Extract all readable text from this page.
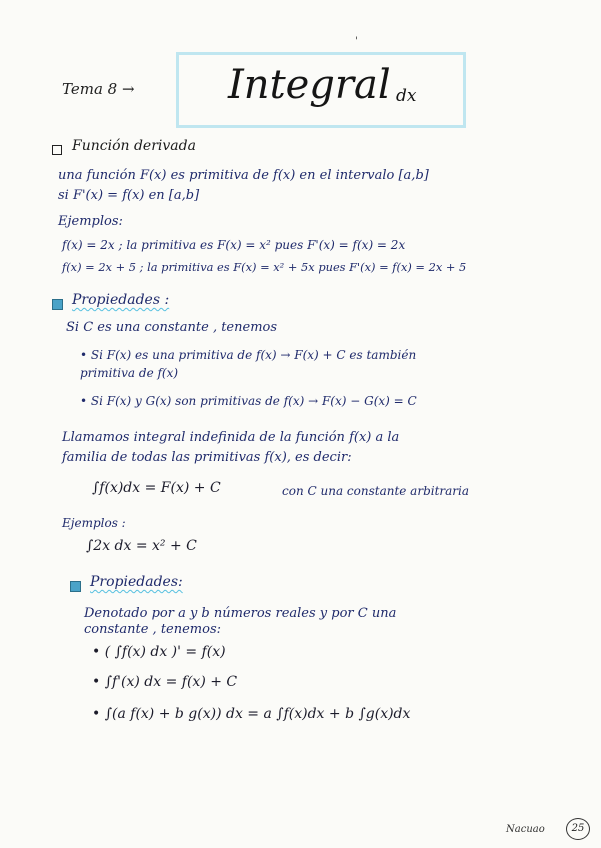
'
Tema 8 → Integral dx
Función derivada
una función F(x) es primitiva de f(x) en el intervalo [a,b]
si F'(x) = f(x) en [a,b]
Ejemplos:
f(x) = 2x ; la primitiva es F(x) = x² pues F'(x) = f(x) = 2x
f(x) = 2x + 5 ; la primitiva es F(x) = x² + 5x pues F'(x) = f(x) = 2x + 5
Propiedades :
Si C es una constante , tenemos
• Si F(x) es una primitiva de f(x) → F(x) + C es también
primitiva de f(x)
• Si F(x) y G(x) son primitivas de f(x) → F(x) − G(x) = C
Llamamos integral indefinida de la función f(x) a la
familia de todas las primitivas f(x), es decir:
∫f(x)dx = F(x) + C	con C una constante arbitraria
Ejemplos :
∫2x dx = x² + C
Propiedades:
Denotado por a y b números reales y por C una
constante , tenemos:
• ( ∫f(x) dx )' = f(x)
• ∫f'(x) dx = f(x) + C
• ∫(a f(x) + b g(x)) dx = a ∫f(x)dx + b ∫g(x)dx
Nacuao	25
